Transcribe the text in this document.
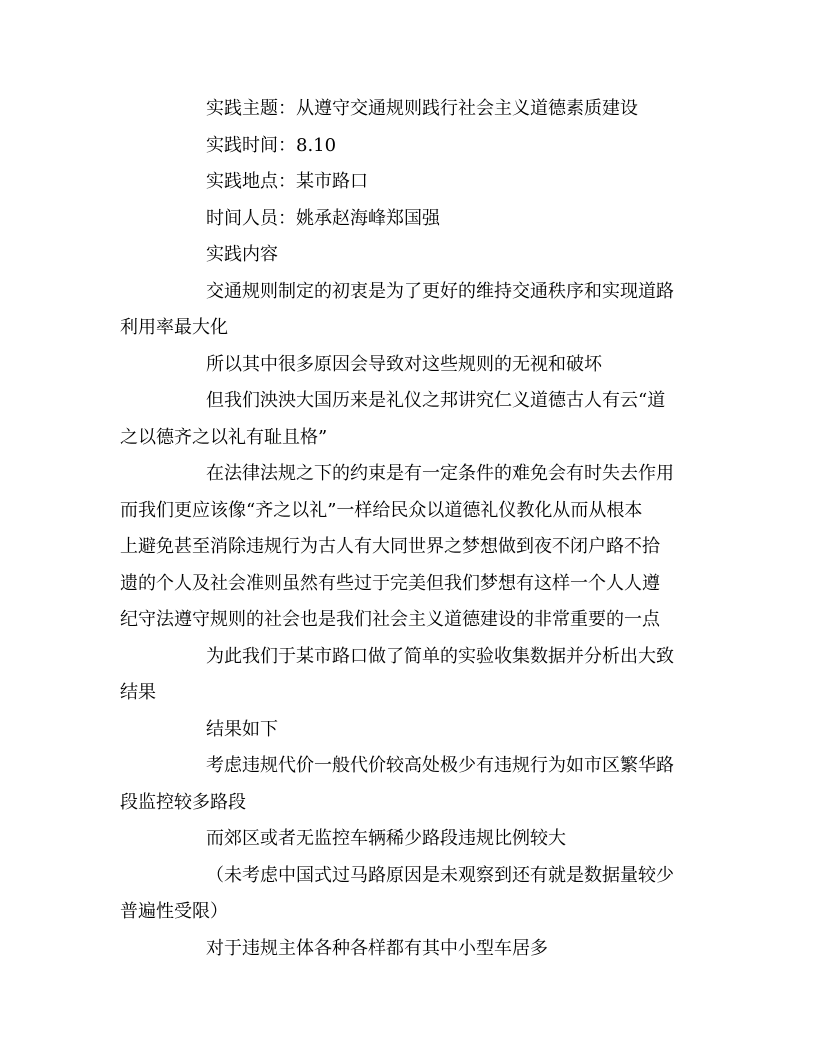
实践主题：从遵守交通规则践行社会主义道德素质建设
实践时间：8.10
实践地点：某市路口
时间人员：姚承赵海峰郑国强
实践内容
交通规则制定的初衷是为了更好的维持交通秩序和实现道路
利用率最大化
所以其中很多原因会导致对这些规则的无视和破坏
但我们泱泱大国历来是礼仪之邦讲究仁义道德古人有云“道
之以德齐之以礼有耻且格”
在法律法规之下的约束是有一定条件的难免会有时失去作用
而我们更应该像“齐之以礼”一样给民众以道德礼仪教化从而从根本
上避免甚至消除违规行为古人有大同世界之梦想做到夜不闭户路不拾
遗的个人及社会准则虽然有些过于完美但我们梦想有这样一个人人遵
纪守法遵守规则的社会也是我们社会主义道德建设的非常重要的一点
为此我们于某市路口做了简单的实验收集数据并分析出大致
结果
结果如下
考虑违规代价一般代价较高处极少有违规行为如市区繁华路
段监控较多路段
而郊区或者无监控车辆稀少路段违规比例较大
（未考虑中国式过马路原因是未观察到还有就是数据量较少
普遍性受限）
对于违规主体各种各样都有其中小型车居多
